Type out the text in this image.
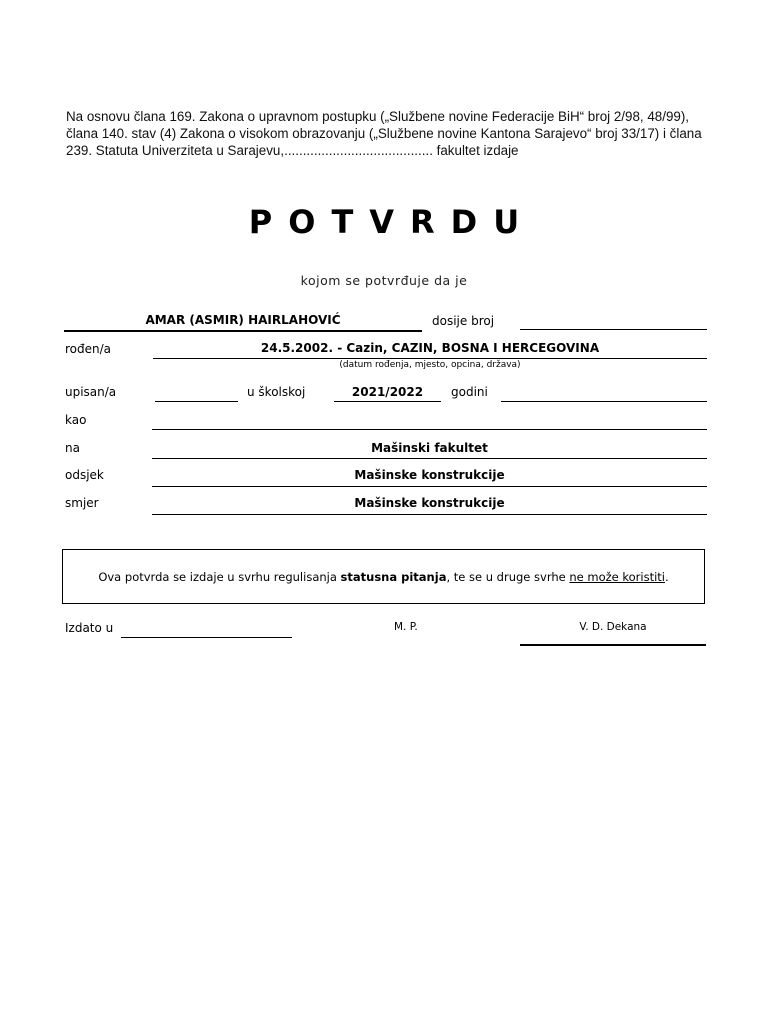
Na osnovu člana 169. Zakona o upravnom postupku („Službene novine Federacije BiH“ broj 2/98, 48/99), člana 140. stav (4) Zakona o visokom obrazovanju („Službene novine Kantona Sarajevo“ broj 33/17) i člana 239. Statuta Univerziteta u Sarajevu,........................................ fakultet izdaje
POTVRDU
kojom se potvrđuje da je
AMAR (ASMIR) HAIRLAHOVIĆ	dosije broj
rođen/a	24.5.2002. - Cazin, CAZIN, BOSNA I HERCEGOVINA
(datum rođenja, mjesto, opcina, država)
upisan/a	u školskoj	2021/2022	godini
kao
na	Mašinski fakultet
odsjek	Mašinske konstrukcije
smjer	Mašinske konstrukcije
Ova potvrda se izdaje u svrhu regulisanja statusna pitanja, te se u druge svrhe ne može koristiti.
Izdato u	M. P.	V. D. Dekana
